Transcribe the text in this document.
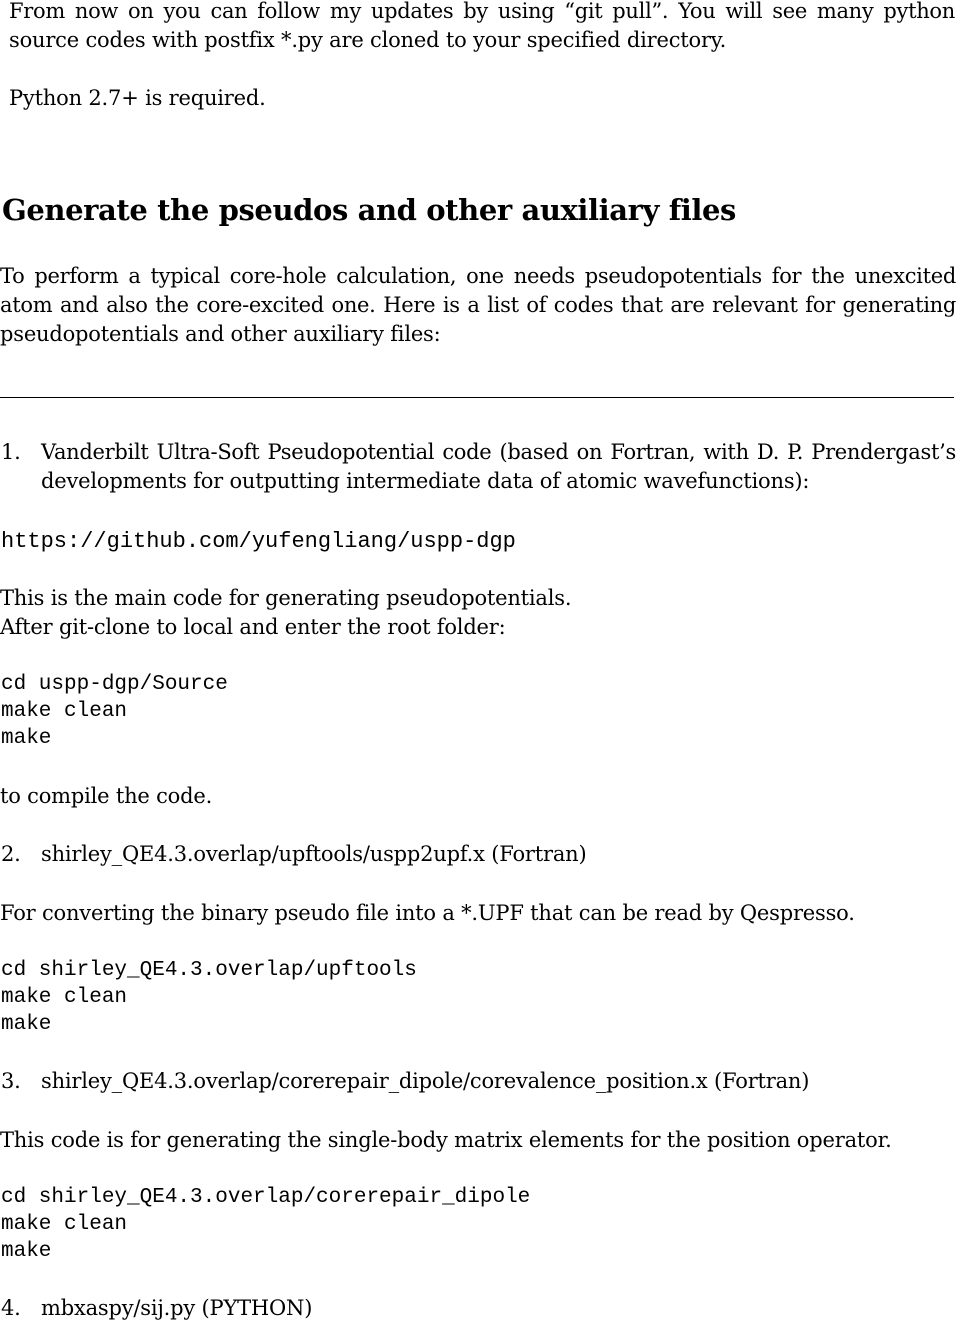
From now on you can follow my updates by using “git pull”. You will see many python
source codes with postfix *.py are cloned to your specified directory.
Python 2.7+ is required.
Generate the pseudos and other auxiliary files
To perform a typical core-hole calculation, one needs pseudopotentials for the unexcited
atom and also the core-excited one. Here is a list of codes that are relevant for generating
pseudopotentials and other auxiliary files:
1. Vanderbilt Ultra-Soft Pseudopotential code (based on Fortran, with D. P. Prendergast’s
developments for outputting intermediate data of atomic wavefunctions):
https://github.com/yufengliang/uspp-dgp
This is the main code for generating pseudopotentials.
After git-clone to local and enter the root folder:
cd uspp-dgp/Source
make clean
make
to compile the code.
2. shirley_QE4.3.overlap/upftools/uspp2upf.x (Fortran)
For converting the binary pseudo file into a *.UPF that can be read by Qespresso.
cd shirley_QE4.3.overlap/upftools
make clean
make
3. shirley_QE4.3.overlap/corerepair_dipole/corevalence_position.x (Fortran)
This code is for generating the single-body matrix elements for the position operator.
cd shirley_QE4.3.overlap/corerepair_dipole
make clean
make
4. mbxaspy/sij.py (PYTHON)
